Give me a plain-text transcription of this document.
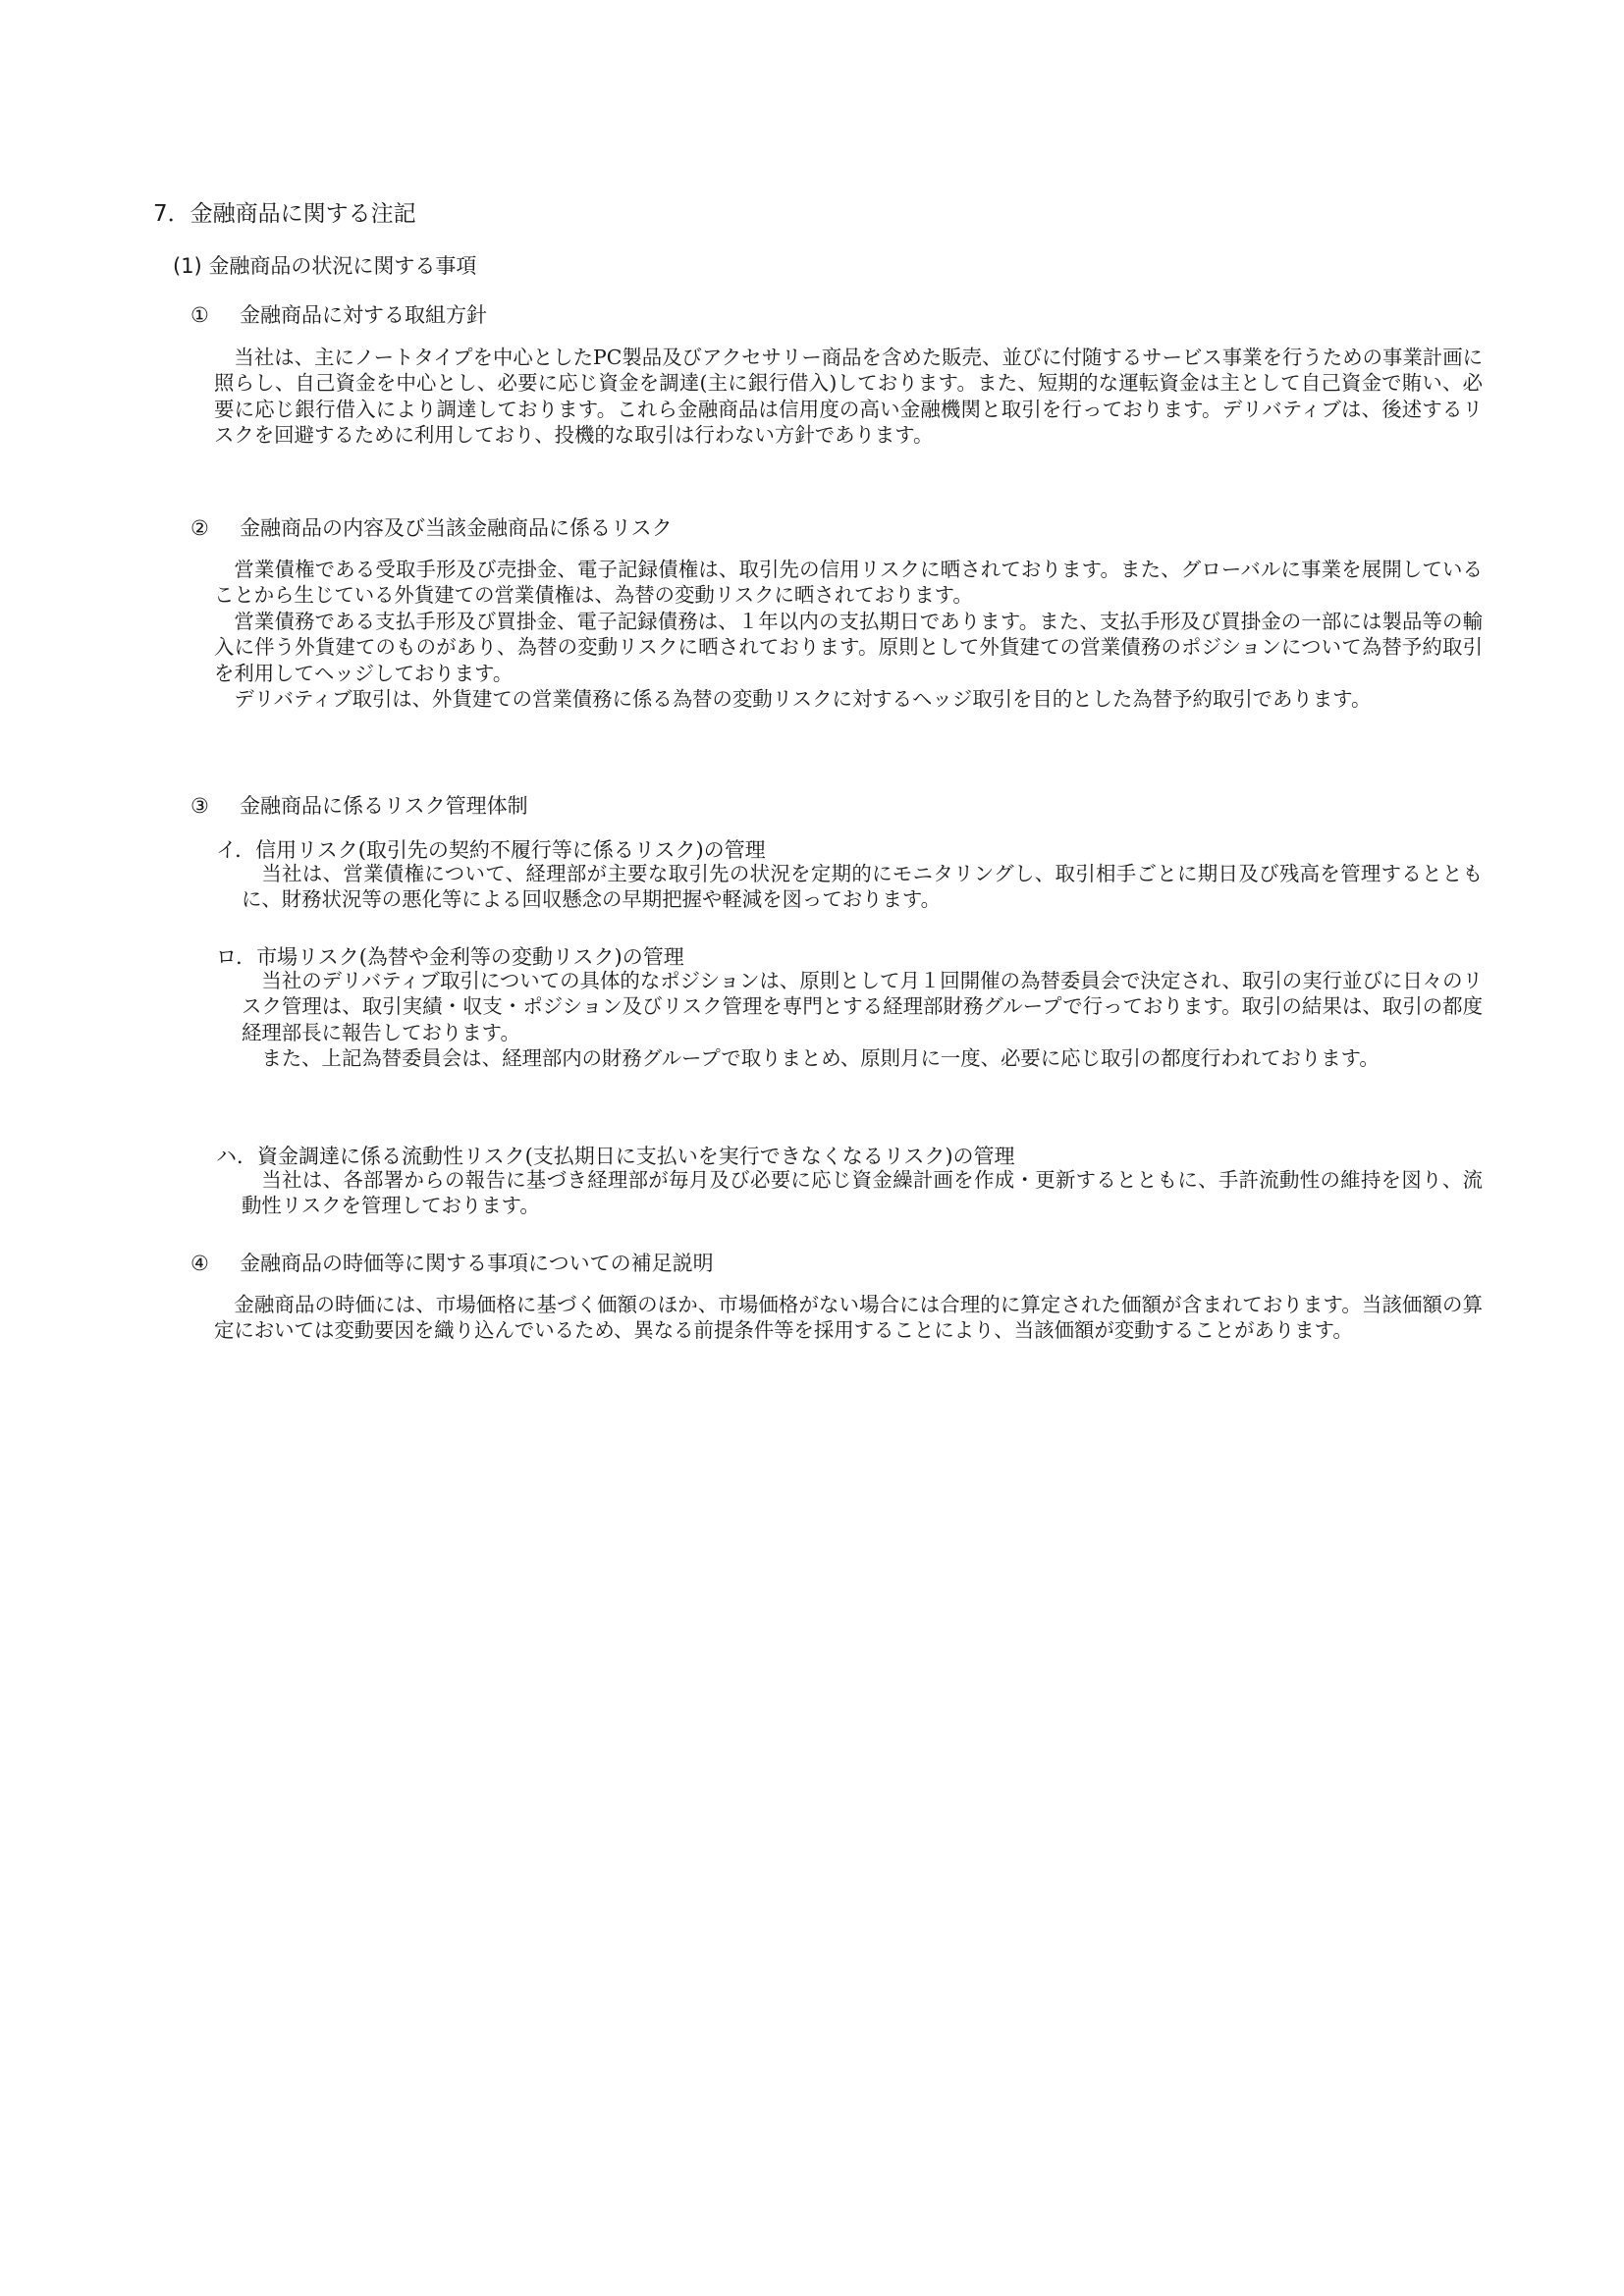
7．金融商品に関する注記
(1) 金融商品の状況に関する事項
① 金融商品に対する取組方針

当社は、主にノートタイプを中心としたPC製品及びアクセサリー商品を含めた販売、並びに付随するサービス事業を行うための事業計画に照らし、自己資金を中心とし、必要に応じ資金を調達(主に銀行借入)しております。また、短期的な運転資金は主として自己資金で賄い、必要に応じ銀行借入により調達しております。これら金融商品は信用度の高い金融機関と取引を行っております。デリバティブは、後述するリスクを回避するために利用しており、投機的な取引は行わない方針であります。

② 金融商品の内容及び当該金融商品に係るリスク

営業債権である受取手形及び売掛金、電子記録債権は、取引先の信用リスクに晒されております。また、グローバルに事業を展開していることから生じている外貨建ての営業債権は、為替の変動リスクに晒されております。

営業債務である支払手形及び買掛金、電子記録債務は、１年以内の支払期日であります。また、支払手形及び買掛金の一部には製品等の輸入に伴う外貨建てのものがあり、為替の変動リスクに晒されております。原則として外貨建ての営業債務のポジションについて為替予約取引を利用してヘッジしております。

デリバティブ取引は、外貨建ての営業債務に係る為替の変動リスクに対するヘッジ取引を目的とした為替予約取引であります。

③ 金融商品に係るリスク管理体制
イ．信用リスク(取引先の契約不履行等に係るリスク)の管理

当社は、営業債権について、経理部が主要な取引先の状況を定期的にモニタリングし、取引相手ごとに期日及び残高を管理するとともに、財務状況等の悪化等による回収懸念の早期把握や軽減を図っております。

ロ．市場リスク(為替や金利等の変動リスク)の管理

当社のデリバティブ取引についての具体的なポジションは、原則として月１回開催の為替委員会で決定され、取引の実行並びに日々のリスク管理は、取引実績・収支・ポジション及びリスク管理を専門とする経理部財務グループで行っております。取引の結果は、取引の都度経理部長に報告しております。

また、上記為替委員会は、経理部内の財務グループで取りまとめ、原則月に一度、必要に応じ取引の都度行われております。

ハ．資金調達に係る流動性リスク(支払期日に支払いを実行できなくなるリスク)の管理

当社は、各部署からの報告に基づき経理部が毎月及び必要に応じ資金繰計画を作成・更新するとともに、手許流動性の維持を図り、流動性リスクを管理しております。

④ 金融商品の時価等に関する事項についての補足説明

金融商品の時価には、市場価格に基づく価額のほか、市場価格がない場合には合理的に算定された価額が含まれております。当該価額の算定においては変動要因を織り込んでいるため、異なる前提条件等を採用することにより、当該価額が変動することがあります。
